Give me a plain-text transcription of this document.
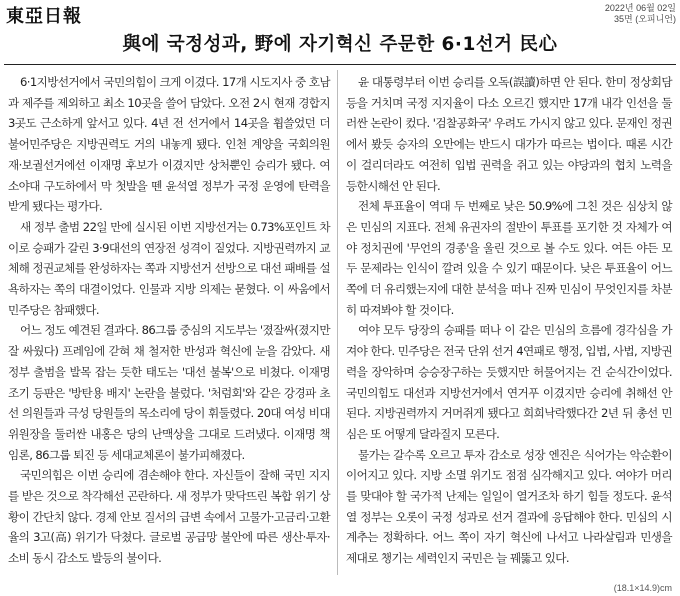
東亞日報	2022년 06월 02일
35면 (오피니언)
與에 국정성과, 野에 자기혁신 주문한 6·1선거 民心

6·1지방선거에서 국민의힘이 크게 이겼다. 17개 시도지사 중 호남과 제주를 제외하고 최소 10곳을 쓸어 담았다. 오전 2시 현재 경합지 3곳도 근소하게 앞서고 있다. 4년 전 선거에서 14곳을 휩쓸었던 더불어민주당은 지방권력도 거의 내놓게 됐다. 인천 계양을 국회의원 재·보궐선거에선 이재명 후보가 이겼지만 상처뿐인 승리가 됐다. 여소야대 구도하에서 막 첫발을 뗀 윤석열 정부가 국정 운영에 탄력을 받게 됐다는 평가다.

새 정부 출범 22일 만에 실시된 이번 지방선거는 0.73%포인트 차이로 승패가 갈린 3·9대선의 연장전 성격이 짙었다. 지방권력까지 교체해 정권교체를 완성하자는 쪽과 지방선거 선방으로 대선 패배를 설욕하자는 쪽의 대결이었다. 인물과 지방 의제는 묻혔다. 이 싸움에서 민주당은 참패했다.

어느 정도 예견된 결과다. 86그룹 중심의 지도부는 '졌잘싸(졌지만 잘 싸웠다) 프레임에 갇혀 채 철저한 반성과 혁신에 눈을 감았다. 새 정부 출범을 발목 잡는 듯한 태도는 '대선 불복'으로 비쳤다. 이재명 조기 등판은 '방탄용 배지' 논란을 불렀다. '처럼회'와 같은 강경파 초선 의원들과 극성 당원들의 목소리에 당이 휘둘렸다. 20대 여성 비대위원장을 둘러싼 내홍은 당의 난맥상을 그대로 드러냈다. 이재명 책임론, 86그룹 퇴진 등 세대교체론이 불가피해졌다.

국민의힘은 이번 승리에 겸손해야 한다. 자신들이 잘해 국민 지지를 받은 것으로 착각해선 곤란하다. 새 정부가 맞닥뜨린 복합 위기 상황이 간단치 않다. 경제 안보 질서의 급변 속에서 고물가·고금리·고환율의 3고(高) 위기가 닥쳤다. 글로벌 공급망 불안에 따른 생산·투자·소비 동시 감소도 발등의 불이다.

윤 대통령부터 이번 승리를 오독(誤讀)하면 안 된다. 한미 정상회담 등을 거치며 국정 지지율이 다소 오르긴 했지만 17개 내각 인선을 둘러싼 논란이 컸다. '검찰공화국' 우려도 가시지 않고 있다. 문재인 정권에서 봤듯 승자의 오만에는 반드시 대가가 따르는 법이다. 때론 시간이 걸리더라도 여전히 입법 권력을 쥐고 있는 야당과의 협치 노력을 등한시해선 안 된다.

전체 투표율이 역대 두 번째로 낮은 50.9%에 그친 것은 심상치 않은 민심의 지표다. 전체 유권자의 절반이 투표를 포기한 것 자체가 여야 정치권에 '무언의 경종'을 울린 것으로 볼 수도 있다. 여든 야든 모두 문제라는 인식이 깔려 있을 수 있기 때문이다. 낮은 투표율이 어느 쪽에 더 유리했는지에 대한 분석을 떠나 진짜 민심이 무엇인지를 차분히 따져봐야 할 것이다.

여야 모두 당장의 승패를 떠나 이 같은 민심의 흐름에 경각심을 가져야 한다. 민주당은 전국 단위 선거 4연패로 행정, 입법, 사법, 지방권력을 장악하며 승승장구하는 듯했지만 허물어지는 건 순식간이었다. 국민의힘도 대선과 지방선거에서 연거푸 이겼지만 승리에 취해선 안 된다. 지방권력까지 거머쥐게 됐다고 희희낙락했다간 2년 뒤 총선 민심은 또 어떻게 달라질지 모른다.

물가는 갈수록 오르고 투자 감소로 성장 엔진은 식어가는 악순환이 이어지고 있다. 지방 소멸 위기도 점점 심각해지고 있다. 여야가 머리를 맞대야 할 국가적 난제는 일일이 열거조차 하기 힘들 정도다. 윤석열 정부는 오롯이 국정 성과로 선거 결과에 응답해야 한다. 민심의 시계추는 정확하다. 어느 쪽이 자기 혁신에 나서고 나라살림과 민생을 제대로 챙기는 세력인지 국민은 늘 꿰뚫고 있다.

(18.1×14.9)cm
